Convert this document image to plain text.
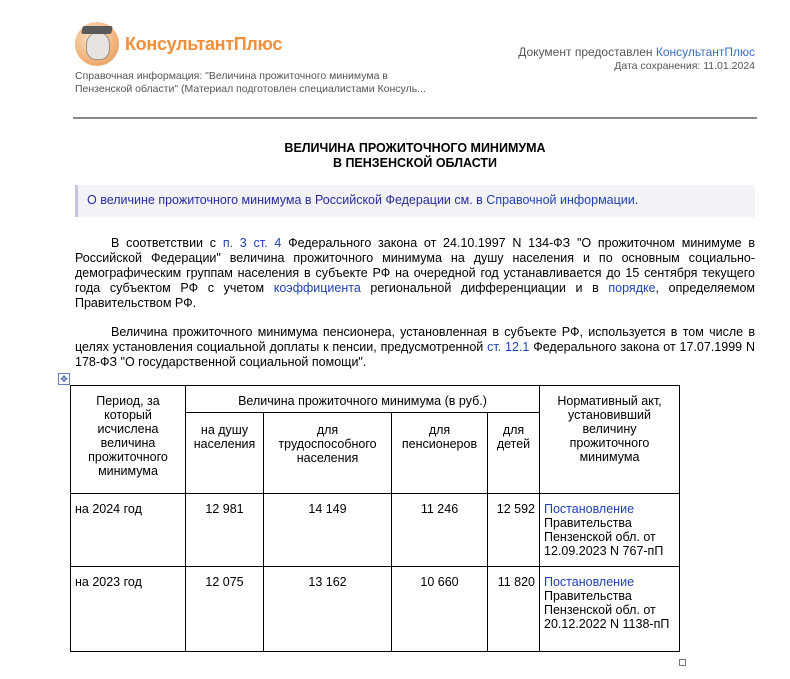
КонсультантПлюс
Справочная информация: "Величина прожиточного минимума в Пензенской области" (Материал подготовлен специалистами Консуль...
Документ предоставлен КонсультантПлюс
Дата сохранения: 11.01.2024
ВЕЛИЧИНА ПРОЖИТОЧНОГО МИНИМУМА
В ПЕНЗЕНСКОЙ ОБЛАСТИ
О величине прожиточного минимума в Российской Федерации см. в Справочной информации.
В соответствии с п. 3 ст. 4 Федерального закона от 24.10.1997 N 134-ФЗ "О прожиточном минимуме в Российской Федерации" величина прожиточного минимума на душу населения и по основным социально-демографическим группам населения в субъекте РФ на очередной год устанавливается до 15 сентября текущего года субъектом РФ с учетом коэффициента региональной дифференциации и в порядке, определяемом Правительством РФ.
Величина прожиточного минимума пенсионера, установленная в субъекте РФ, используется в том числе в целях установления социальной доплаты к пенсии, предусмотренной ст. 12.1 Федерального закона от 17.07.1999 N 178-ФЗ "О государственной социальной помощи".
✥
Период, за который исчислена величина прожиточного минимума	Величина прожиточного минимума (в руб.)				Нормативный акт, установивший величину прожиточного минимума
	на душу населения	для трудоспособного населения	для пенсионеров	для детей	
на 2024 год	12 981	14 149	11 246	12 592	Постановление
Правительства Пензенской обл. от 12.09.2023 N 767-пП
на 2023 год	12 075	13 162	10 660	11 820	Постановление
Правительства Пензенской обл. от 20.12.2022 N 1138-пП
